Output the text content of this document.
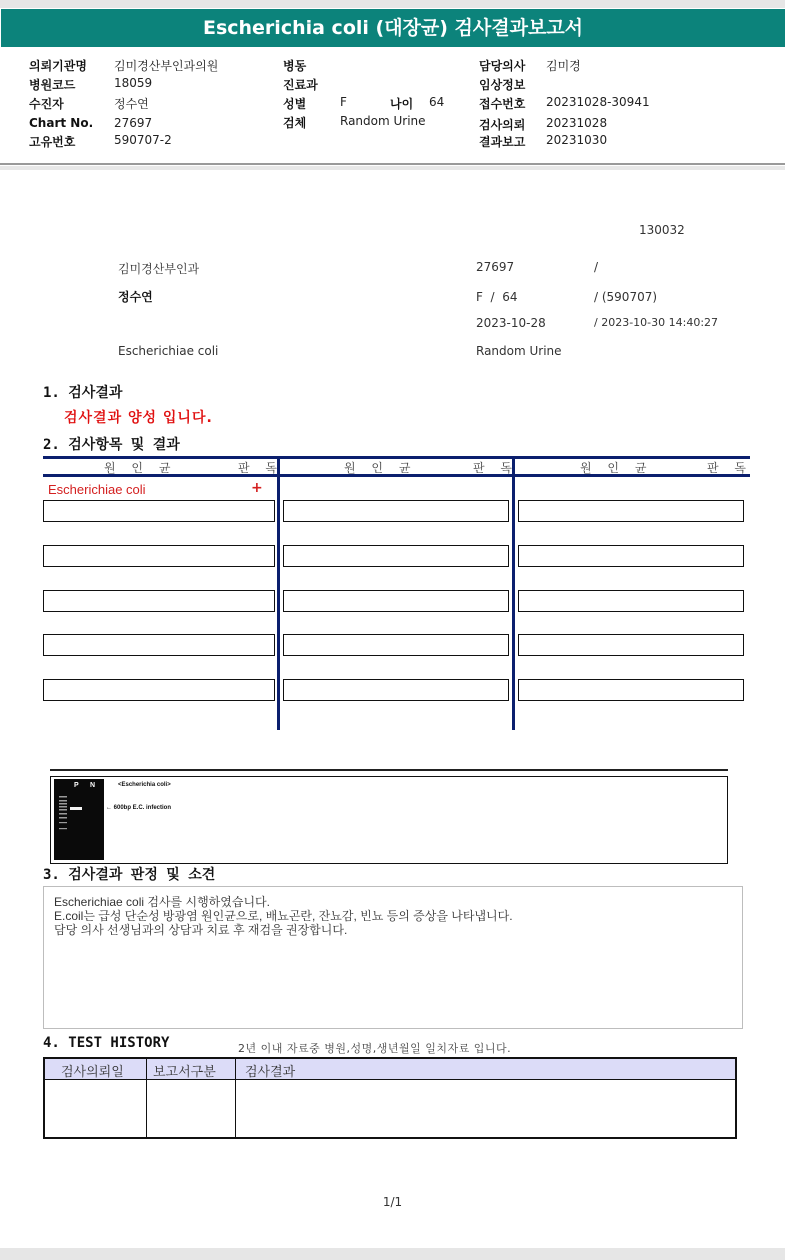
Escherichia coli (대장균) 검사결과보고서
의뢰기관명 김미경산부인과의원
병원코드	18059
수진자	정수연
Chart No. 27697
고유번호	590707-2
병동
진료과
성별	F	나이 64
검체	Random Urine
담당의사 김미경
임상정보
접수번호 20231028-30941
검사의뢰 20231028
결과보고 20231030
130032
김미경산부인과	27697	/
정수연	F  /  64	/ (590707)
2023-10-28	/ 2023-10-30 14:40:27
Escherichiae coli	Random Urine
1. 검사결과
검사결과 양성 입니다.
2. 검사항목 및 결과
원 인 균	판 독	원 인 균	판 독	원 인 균	판 독
Escherichiae coli	+
P N	<Escherichia coli>
← 600bp E.C. infection
3. 검사결과 판정 및 소견
Escherichiae coli 검사를 시행하였습니다.
E.coil는 급성 단순성 방광염 원인균으로, 배뇨곤란, 잔뇨감, 빈뇨 등의 증상을 나타냅니다.
담당 의사 선생님과의 상담과 치료 후 재검을 권장합니다.
4. TEST HISTORY	2년 이내 자료중 병원,성명,생년월일 일치자료 입니다.
검사의뢰일 보고서구분 검사결과
1/1
